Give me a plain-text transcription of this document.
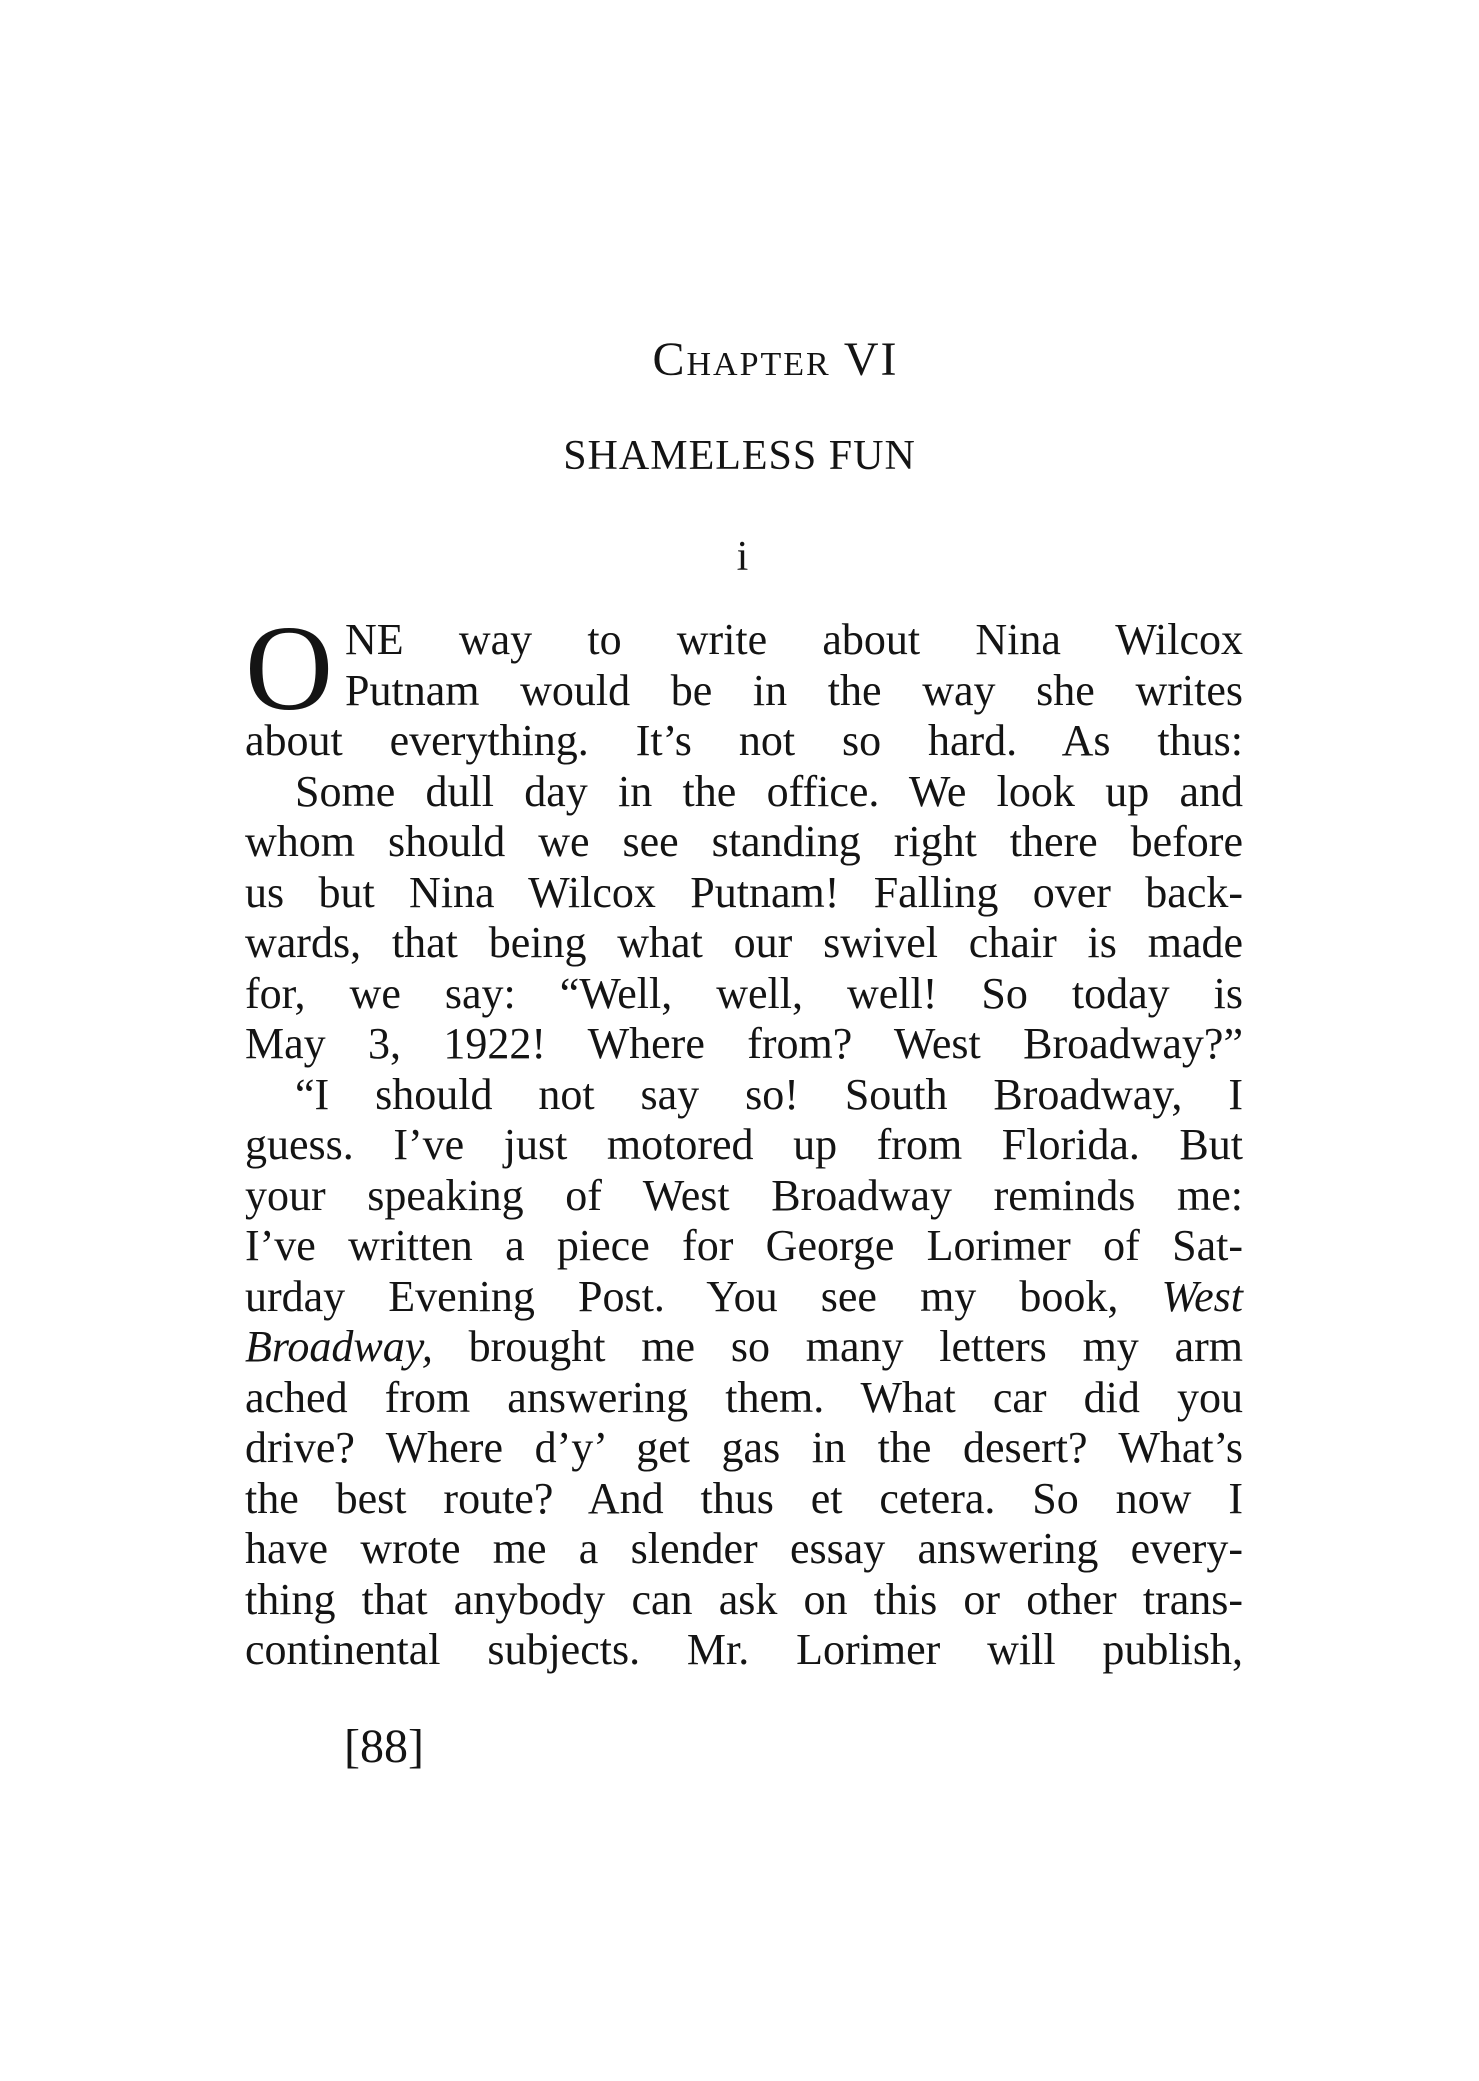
Chapter VI
SHAMELESS FUN
i
O NE way to write about Nina Wilcox
Putnam would be in the way she writes
about everything. It’s not so hard. As thus:
Some dull day in the office. We look up and
whom should we see standing right there before
us but Nina Wilcox Putnam! Falling over back-
wards, that being what our swivel chair is made
for, we say: “Well, well, well! So today is
May 3, 1922! Where from? West Broadway?”
“I should not say so! South Broadway, I
guess. I’ve just motored up from Florida. But
your speaking of West Broadway reminds me:
I’ve written a piece for George Lorimer of Sat-
urday Evening Post. You see my book, West
Broadway, brought me so many letters my arm
ached from answering them. What car did you
drive? Where d’y’ get gas in the desert? What’s
the best route? And thus et cetera. So now I
have wrote me a slender essay answering every-
thing that anybody can ask on this or other trans-
continental subjects. Mr. Lorimer will publish,
[88]
